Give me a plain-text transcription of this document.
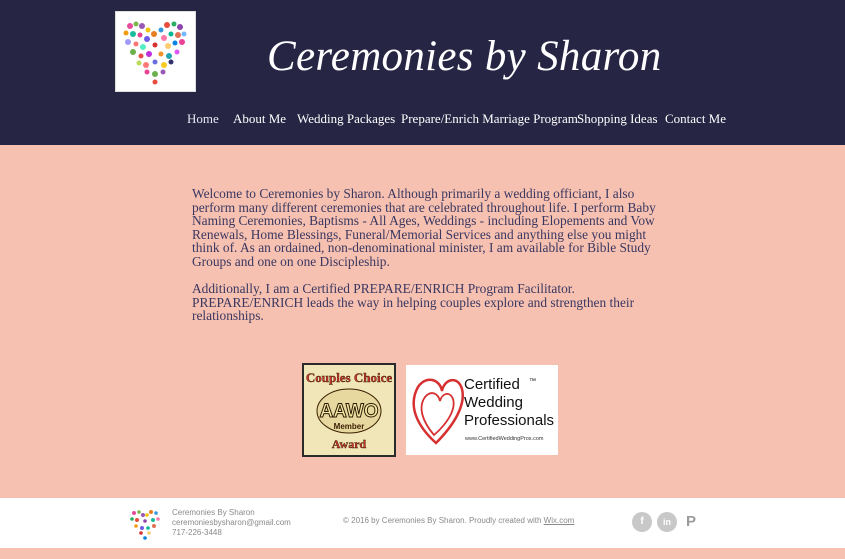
Ceremonies by Sharon
Home About Me Wedding Packages Prepare/Enrich Marriage Program Shopping Ideas Contact Me

Welcome to Ceremonies by Sharon. Although primarily a wedding officiant, I also perform many different ceremonies that are celebrated throughout life. I perform Baby Naming Ceremonies, Baptisms - All Ages, Weddings - including Elopements and Vow Renewals, Home Blessings, Funeral/Memorial Services and anything else you might think of. As an ordained, non-denominational minister, I am available for Bible Study Groups and one on one Discipleship.

Additionally, I am a Certified PREPARE/ENRICH Program Facilitator. PREPARE/ENRICH leads the way in helping couples explore and strengthen their relationships.

Couples Choice
AAWO
Member
Award
Certified ™
Wedding
Professionals
www.CertifiedWeddingPros.com
Ceremonies By Sharon
ceremoniesbysharon@gmail.com
717-226-3448
© 2016 by Ceremonies By Sharon. Proudly created with Wix.com	f	in P
